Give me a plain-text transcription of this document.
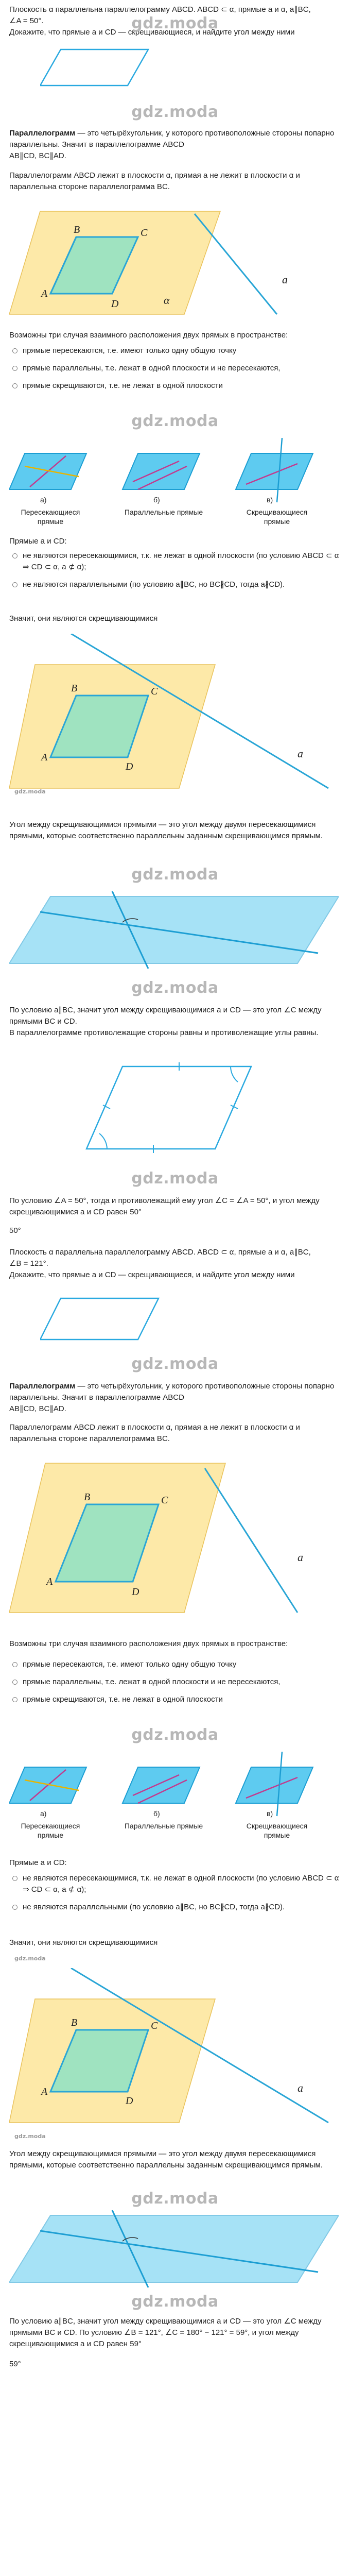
Плоскость α параллельна параллелограмму ABCD. ABCD ⊂ α, прямые a и α, a∥BC,
∠A = 50°.
Докажите, что прямые a и CD — скрещивающиеся, и найдите угол между ними
gdz.moda
gdz.moda
Параллелограмм — это четырёхугольник, у которого противоположные стороны попарно параллельны. Значит в параллелограмме ABCD
AB∥CD, BC∥AD.
Параллелограмм ABCD лежит в плоскости α, прямая a не лежит в плоскости α и параллельна стороне параллелограмма BC.
B	C
A
D
a
α
Возможны три случая взаимного расположения двух прямых в пространстве:
прямые пересекаются, т.е. имеют только одну общую точку
прямые параллельны, т.е. лежат в одной плоскости и не пересекаются,
прямые скрещиваются, т.е. не лежат в одной плоскости
gdz.moda
а)	б)	в)
Пересекающиеся прямые
Параллельные прямые	Скрещивающиеся прямые
Прямые a и CD:
не являются пересекающимися, т.к. не лежат в одной плоскости (по условию ABCD ⊂ α ⇒ CD ⊂ α, a ⊄ α);
не являются параллельными (по условию a∥BC, но BC∦CD, тогда a∦CD).
Значит, они являются скрещивающимися
B	C
A
D
a
gdz.moda
Угол между скрещивающимися прямыми — это угол между двумя пересекающимися прямыми, которые соответственно параллельны заданным скрещивающимся прямым.
gdz.moda
gdz.moda
По условию a∥BC, значит угол между скрещивающимися a и CD — это угол ∠C между прямыми BC и CD.
В параллелограмме противолежащие стороны равны и противолежащие углы равны.
gdz.moda
По условию ∠A = 50°, тогда и противолежащий ему угол ∠C = ∠A = 50°, и угол между скрещивающимися a и CD равен 50°
50°
Плоскость α параллельна параллелограмму ABCD. ABCD ⊂ α, прямые a и α, a∥BC,
∠B = 121°.
Докажите, что прямые a и CD — скрещивающиеся, и найдите угол между ними
gdz.moda
Параллелограмм — это четырёхугольник, у которого противоположные стороны попарно параллельны. Значит в параллелограмме ABCD
AB∥CD, BC∥AD.
Параллелограмм ABCD лежит в плоскости α, прямая a не лежит в плоскости α и параллельна стороне параллелограмма BC.
B	C
A
D
a
Возможны три случая взаимного расположения двух прямых в пространстве:
прямые пересекаются, т.е. имеют только одну общую точку
прямые параллельны, т.е. лежат в одной плоскости и не пересекаются,
прямые скрещиваются, т.е. не лежат в одной плоскости
gdz.moda
а)	б)	в)
Пересекающиеся прямые
Параллельные прямые	Скрещивающиеся прямые
Прямые a и CD:
не являются пересекающимися, т.к. не лежат в одной плоскости (по условию ABCD ⊂ α ⇒ CD ⊂ α, a ⊄ α);
не являются параллельными (по условию a∥BC, но BC∦CD, тогда a∦CD).
Значит, они являются скрещивающимися
gdz.moda
B	C
A
D
a
gdz.moda
Угол между скрещивающимися прямыми — это угол между двумя пересекающимися прямыми, которые соответственно параллельны заданным скрещивающимся прямым.
gdz.moda
gdz.moda
По условию a∥BC, значит угол между скрещивающимися a и CD — это угол ∠C между прямыми BC и CD. По условию ∠B = 121°, ∠C = 180° − 121° = 59°, и угол между скрещивающимися a и CD равен 59°
59°
